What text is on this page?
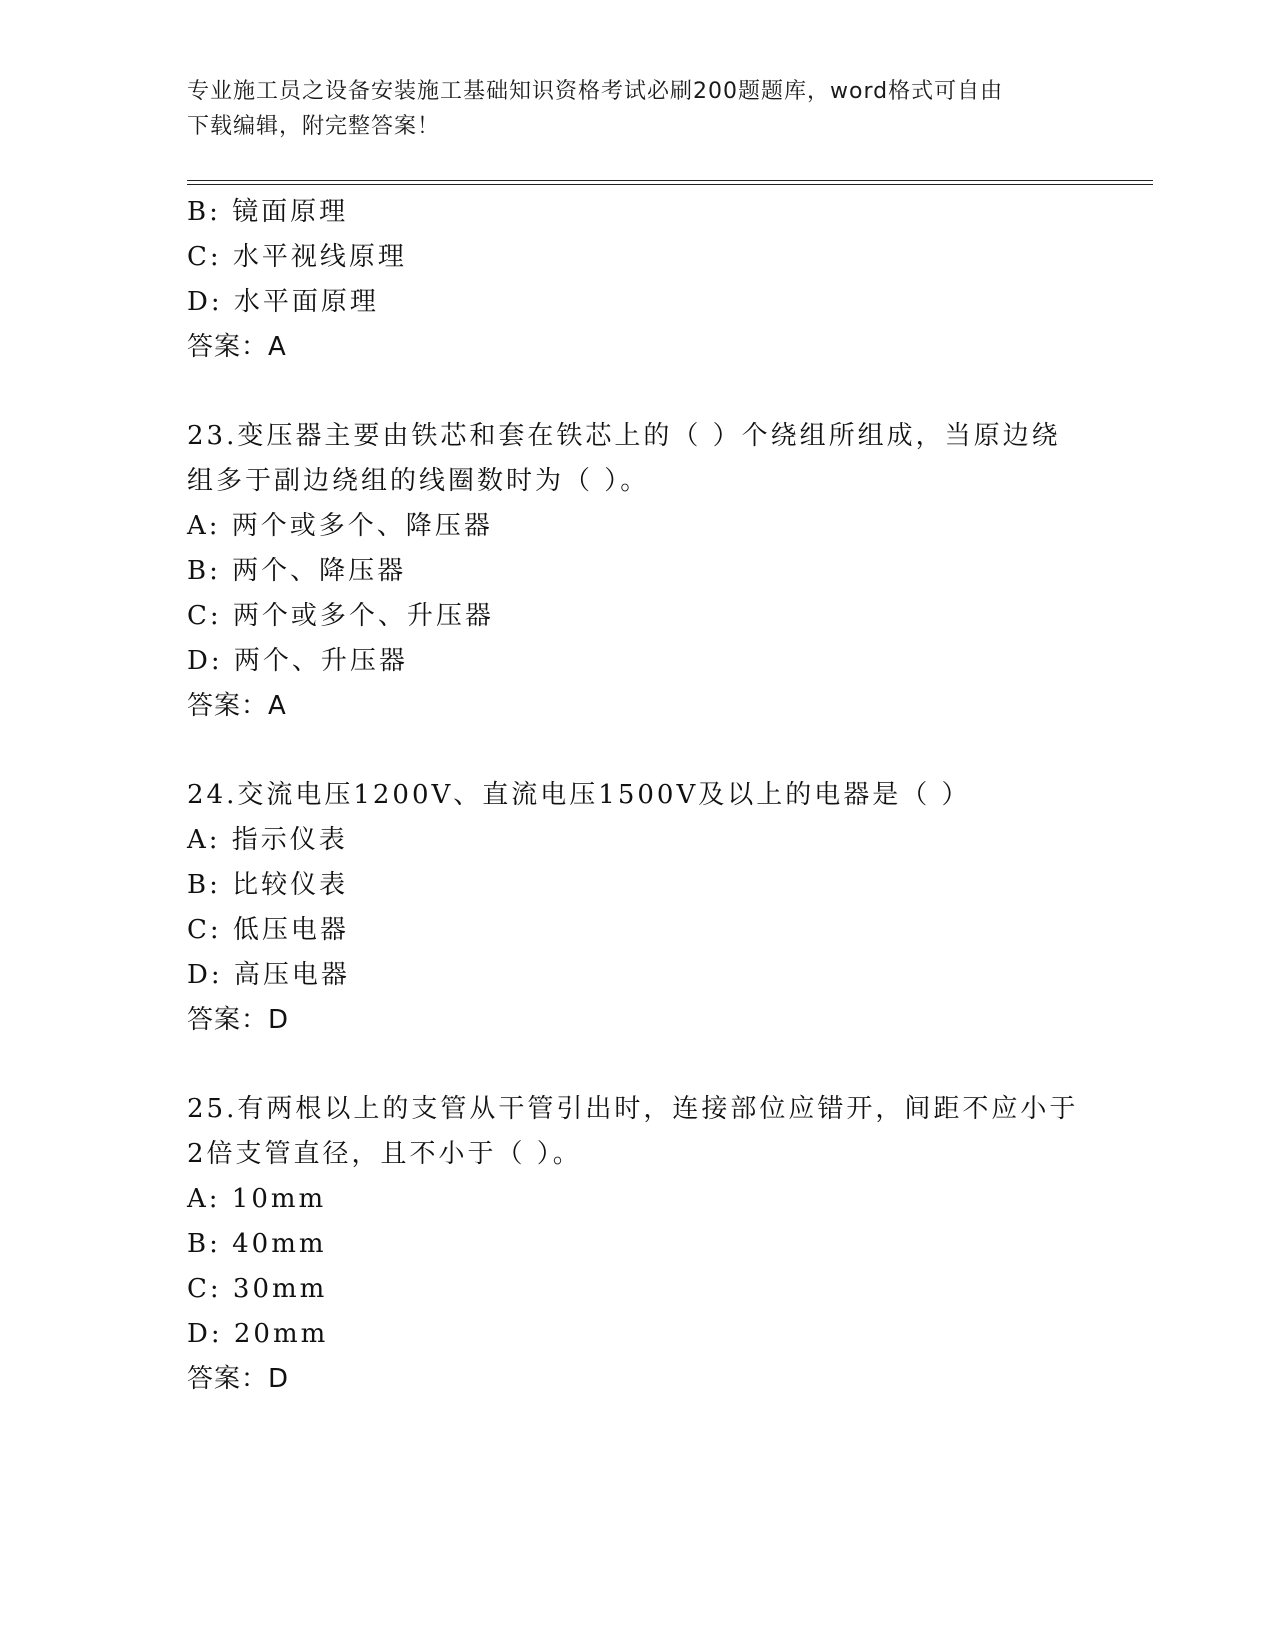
专业施工员之设备安装施工基础知识资格考试必刷200题题库，word格式可自由
下载编辑，附完整答案！
B: 镜面原理
C: 水平视线原理
D: 水平面原理
答案：A
23.变压器主要由铁芯和套在铁芯上的（ ）个绕组所组成，当原边绕
组多于副边绕组的线圈数时为（ ）。
A: 两个或多个、降压器
B: 两个、降压器
C: 两个或多个、升压器
D: 两个、升压器
答案：A
24.交流电压1200V、直流电压1500V及以上的电器是（ ）
A: 指示仪表
B: 比较仪表
C: 低压电器
D: 高压电器
答案：D
25.有两根以上的支管从干管引出时，连接部位应错开，间距不应小于
2倍支管直径，且不小于（ ）。
A: 10mm
B: 40mm
C: 30mm
D: 20mm
答案：D
